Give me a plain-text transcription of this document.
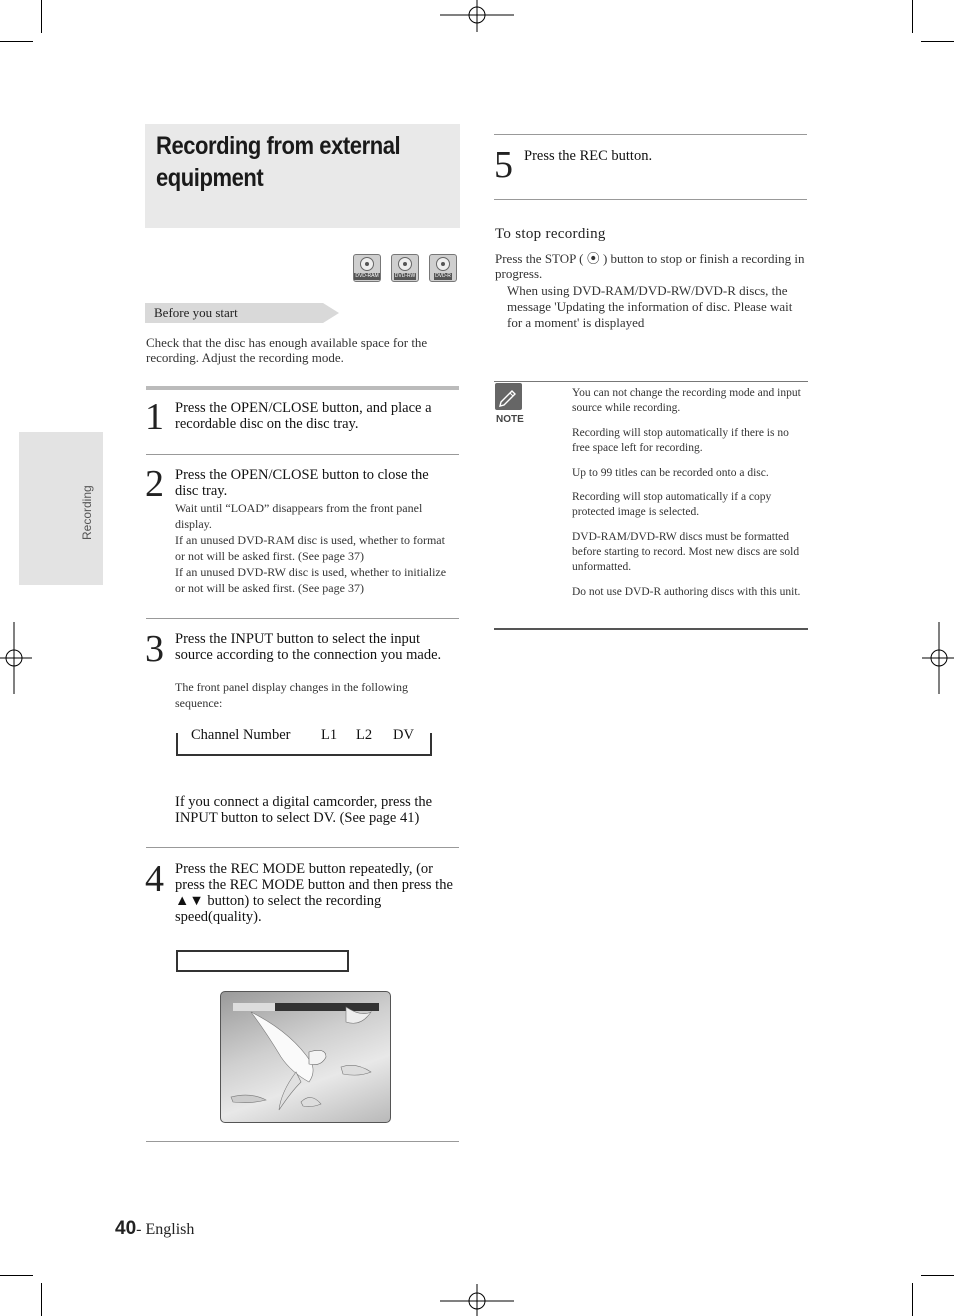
Recording
Recording from external equipment
DVD-RAM	DVD-RW	DVD-R
Before you start
Check that the disc has enough available space for the recording. Adjust the recording mode.
1 Press the OPEN/CLOSE button, and place a recordable disc on the disc tray.
2 Press the OPEN/CLOSE button to close the disc tray.
Wait until “LOAD” disappears from the front panel display.
If an unused DVD-RAM disc is used, whether to format or not will be asked first. (See page 37)
If an unused DVD-RW disc is used, whether to initialize or not will be asked first. (See page 37)
3 Press the INPUT button to select the input source according to the connection you made.
The front panel display changes in the following sequence:
Channel Number L1 L2 DV
If you connect a digital camcorder, press the INPUT button to select DV. (See page 41)
4 Press the REC MODE button repeatedly, (or press the REC MODE button and then press the ▲▼ button) to select the recording speed(quality).
5 Press the REC button.
To stop recording
Press the STOP ( ⦿ ) button to stop or finish a recording in progress.
When using DVD-RAM/DVD-RW/DVD-R discs, the message 'Updating the information of disc. Please wait for a moment' is displayed
NOTE
You can not change the recording mode and input source while recording.
Recording will stop automatically if there is no free space left for recording.
Up to 99 titles can be recorded onto a disc.
Recording will stop automatically if a copy protected image is selected.
DVD-RAM/DVD-RW discs must be formatted before starting to record. Most new discs are sold unformatted.
Do not use DVD-R authoring discs with this unit.
40- English
